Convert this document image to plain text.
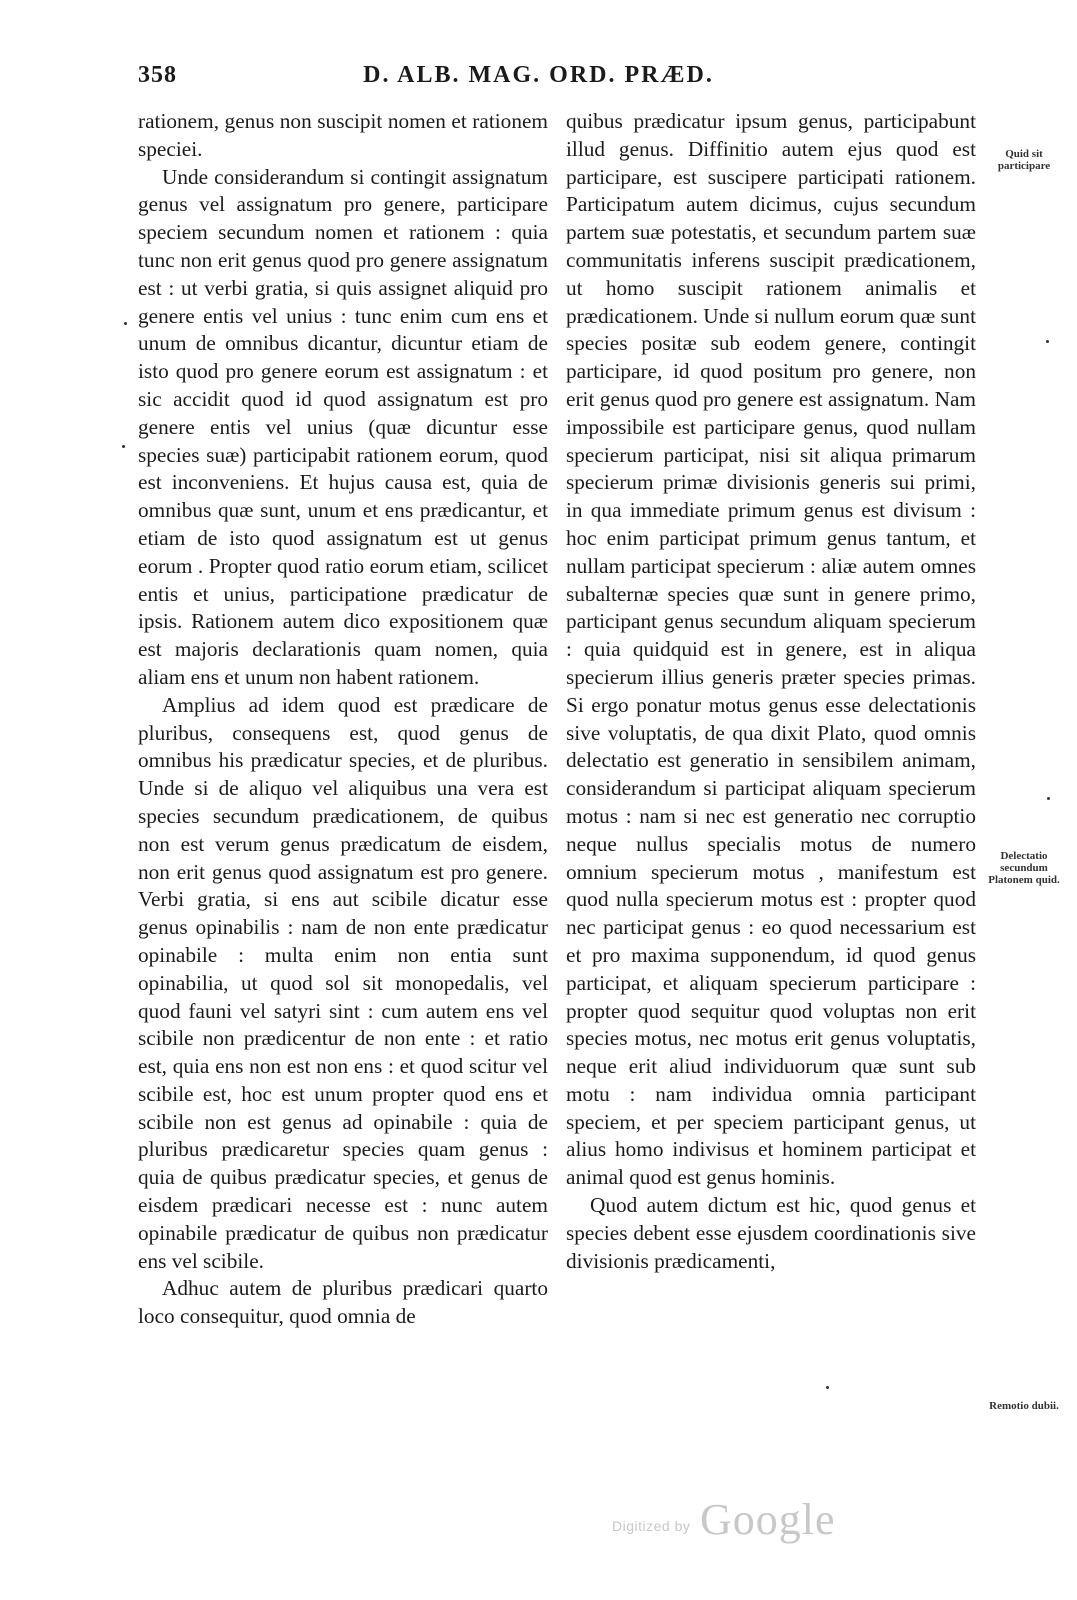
358	D. ALB. MAG. ORD. PRÆD.

rationem, genus non suscipit nomen et rationem speciei.

Unde considerandum si contingit assignatum genus vel assignatum pro genere, participare speciem secundum nomen et rationem : quia tunc non erit genus quod pro genere assignatum est : ut verbi gratia, si quis assignet aliquid pro genere entis vel unius : tunc enim cum ens et unum de omnibus dicantur, dicuntur etiam de isto quod pro genere eorum est assignatum : et sic accidit quod id quod assignatum est pro genere entis vel unius (quæ dicuntur esse species suæ) participabit rationem eorum, quod est inconveniens. Et hujus causa est, quia de omnibus quæ sunt, unum et ens prædicantur, et etiam de isto quod assignatum est ut genus eorum . Propter quod ratio eorum etiam, scilicet entis et unius, participatione prædicatur de ipsis. Rationem autem dico expositionem quæ est majoris declarationis quam nomen, quia aliam ens et unum non habent rationem.

Amplius ad idem quod est prædicare de pluribus, consequens est, quod genus de omnibus his prædicatur species, et de pluribus. Unde si de aliquo vel aliquibus una vera est species secundum prædicationem, de quibus non est verum genus prædicatum de eisdem, non erit genus quod assignatum est pro genere. Verbi gratia, si ens aut scibile dicatur esse genus opinabilis : nam de non ente prædicatur opinabile : multa enim non entia sunt opinabilia, ut quod sol sit monopedalis, vel quod fauni vel satyri sint : cum autem ens vel scibile non prædicentur de non ente : et ratio est, quia ens non est non ens : et quod scitur vel scibile est, hoc est unum propter quod ens et scibile non est genus ad opinabile : quia de pluribus prædicaretur species quam genus : quia de quibus prædicatur species, et genus de eisdem prædicari necesse est : nunc autem opinabile prædicatur de quibus non prædicatur ens vel scibile.

Adhuc autem de pluribus prædicari quarto loco consequitur, quod omnia de

quibus prædicatur ipsum genus, participabunt illud genus. Diffinitio autem ejus quod est participare, est suscipere participati rationem. Participatum autem dicimus, cujus secundum partem suæ potestatis, et secundum partem suæ communitatis inferens suscipit prædicationem, ut homo suscipit rationem animalis et prædicationem. Unde si nullum eorum quæ sunt species positæ sub eodem genere, contingit participare, id quod positum pro genere, non erit genus quod pro genere est assignatum. Nam impossibile est participare genus, quod nullam specierum participat, nisi sit aliqua primarum specierum primæ divisionis generis sui primi, in qua immediate primum genus est divisum : hoc enim participat primum genus tantum, et nullam participat specierum : aliæ autem omnes subalternæ species quæ sunt in genere primo, participant genus secundum aliquam specierum : quia quidquid est in genere, est in aliqua specierum illius generis præter species primas. Si ergo ponatur motus genus esse delectationis sive voluptatis, de qua dixit Plato, quod omnis delectatio est generatio in sensibilem animam, considerandum si participat aliquam specierum motus : nam si nec est generatio nec corruptio neque nullus specialis motus de numero omnium specierum motus , manifestum est quod nulla specierum motus est : propter quod nec participat genus : eo quod necessarium est et pro maxima supponendum, id quod genus participat, et aliquam specierum participare : propter quod sequitur quod voluptas non erit species motus, nec motus erit genus voluptatis, neque erit aliud individuorum quæ sunt sub motu : nam individua omnia participant speciem, et per speciem participant genus, ut alius homo indivisus et hominem participat et animal quod est genus hominis.

Quod autem dictum est hic, quod genus et species debent esse ejusdem coordinationis sive divisionis prædicamenti,

Quid sit participare
Delectatio secundum Platonem quid.
Remotio dubii.
Digitized by Google
